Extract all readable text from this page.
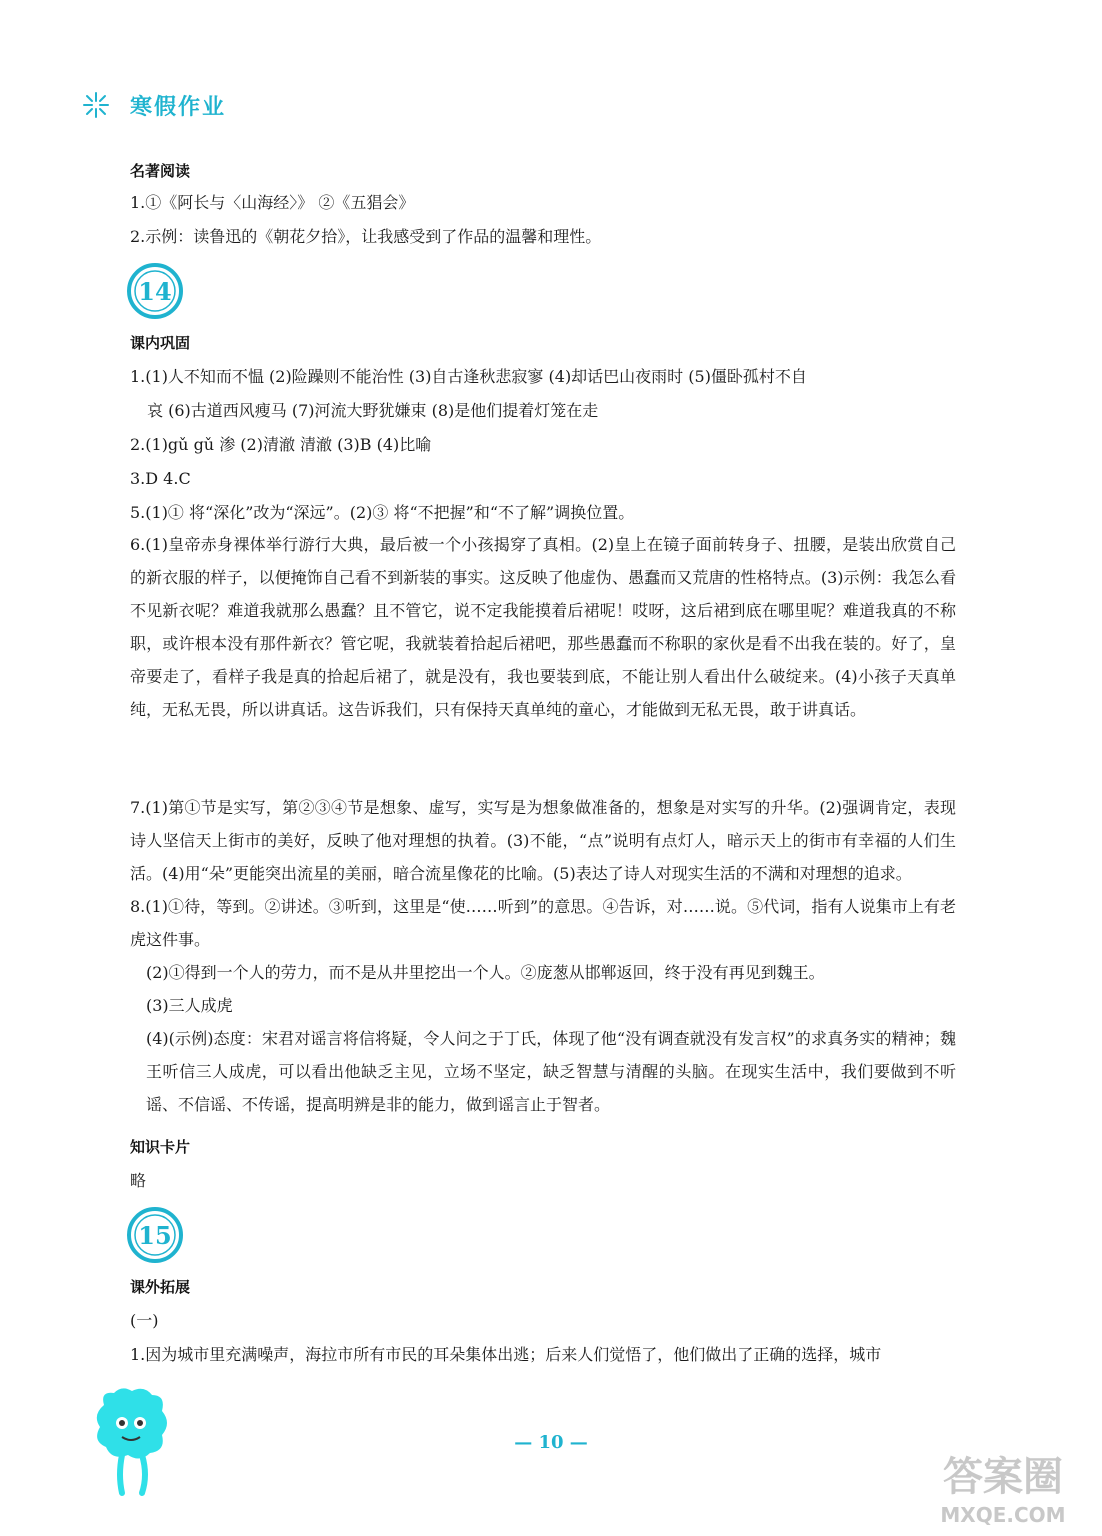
寒假作业
名著阅读
1.①《阿长与〈山海经〉》 ②《五猖会》
2.示例：读鲁迅的《朝花夕拾》，让我感受到了作品的温馨和理性。
14
课内巩固
1.(1)人不知而不愠 (2)险躁则不能治性 (3)自古逢秋悲寂寥 (4)却话巴山夜雨时 (5)僵卧孤村不自
哀 (6)古道西风瘦马 (7)河流大野犹嫌束 (8)是他们提着灯笼在走
2.(1)gǔ gǔ 渗 (2)清澈 清澈 (3)B (4)比喻
3.D 4.C
5.(1)① 将“深化”改为“深远”。(2)③ 将“不把握”和“不了解”调换位置。
6.(1)皇帝赤身裸体举行游行大典，最后被一个小孩揭穿了真相。(2)皇上在镜子面前转身子、扭腰，是装出欣赏自己的新衣服的样子，以便掩饰自己看不到新装的事实。这反映了他虚伪、愚蠢而又荒唐的性格特点。(3)示例：我怎么看不见新衣呢？难道我就那么愚蠢？且不管它，说不定我能摸着后裙呢！哎呀，这后裙到底在哪里呢？难道我真的不称职，或许根本没有那件新衣？管它呢，我就装着拾起后裙吧，那些愚蠢而不称职的家伙是看不出我在装的。好了，皇帝要走了，看样子我是真的拾起后裙了，就是没有，我也要装到底，不能让别人看出什么破绽来。(4)小孩子天真单纯，无私无畏，所以讲真话。这告诉我们，只有保持天真单纯的童心，才能做到无私无畏，敢于讲真话。
7.(1)第①节是实写，第②③④节是想象、虚写，实写是为想象做准备的，想象是对实写的升华。(2)强调肯定，表现诗人坚信天上街市的美好，反映了他对理想的执着。(3)不能，“点”说明有点灯人，暗示天上的街市有幸福的人们生活。(4)用“朵”更能突出流星的美丽，暗合流星像花的比喻。(5)表达了诗人对现实生活的不满和对理想的追求。
8.(1)①待，等到。②讲述。③听到，这里是“使……听到”的意思。④告诉，对……说。⑤代词，指有人说集市上有老虎这件事。
(2)①得到一个人的劳力，而不是从井里挖出一个人。②庞葱从邯郸返回，终于没有再见到魏王。
(3)三人成虎
(4)(示例)态度：宋君对谣言将信将疑，令人问之于丁氏，体现了他“没有调查就没有发言权”的求真务实的精神；魏王听信三人成虎，可以看出他缺乏主见，立场不坚定，缺乏智慧与清醒的头脑。在现实生活中，我们要做到不听谣、不信谣、不传谣，提高明辨是非的能力，做到谣言止于智者。
知识卡片
略
15
课外拓展
(一)
1.因为城市里充满噪声，海拉市所有市民的耳朵集体出逃；后来人们觉悟了，他们做出了正确的选择，城市
— 10 —
答案圈
MXQE.COM
